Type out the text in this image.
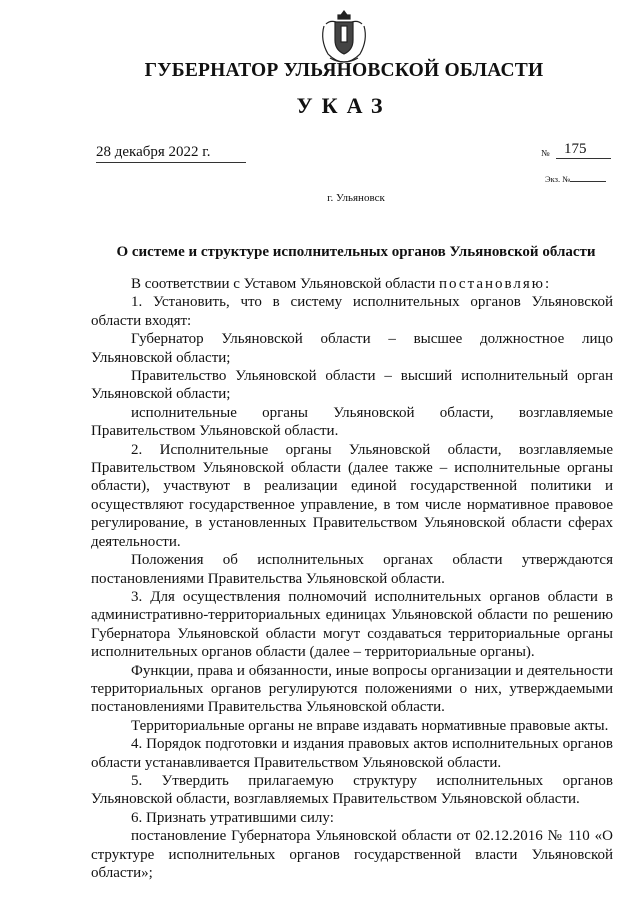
ГУБЕРНАТОР УЛЬЯНОВСКОЙ ОБЛАСТИ
УКАЗ
28 декабря 2022 г.	№ 175
Экз. №
г. Ульяновск
О системе и структуре исполнительных органов Ульяновской области

В соответствии с Уставом Ульяновской области постановляю:

1. Установить, что в систему исполнительных органов Ульяновской области входят:

Губернатор Ульяновской области – высшее должностное лицо Ульяновской области;

Правительство Ульяновской области – высший исполнительный орган Ульяновской области;

исполнительные органы Ульяновской области, возглавляемые Правительством Ульяновской области.

2. Исполнительные органы Ульяновской области, возглавляемые Правительством Ульяновской области (далее также – исполнительные органы области), участвуют в реализации единой государственной политики и осуществляют государственное управление, в том числе нормативное правовое регулирование, в установленных Правительством Ульяновской области сферах деятельности.

Положения об исполнительных органах области утверждаются постановлениями Правительства Ульяновской области.

3. Для осуществления полномочий исполнительных органов области в административно-территориальных единицах Ульяновской области по решению Губернатора Ульяновской области могут создаваться территориальные органы исполнительных органов области (далее – территориальные органы).

Функции, права и обязанности, иные вопросы организации и деятельности территориальных органов регулируются положениями о них, утверждаемыми постановлениями Правительства Ульяновской области.

Территориальные органы не вправе издавать нормативные правовые акты.

4. Порядок подготовки и издания правовых актов исполнительных органов области устанавливается Правительством Ульяновской области.

5. Утвердить прилагаемую структуру исполнительных органов Ульяновской области, возглавляемых Правительством Ульяновской области.

6. Признать утратившими силу:

постановление Губернатора Ульяновской области от 02.12.2016 № 110 «О структуре исполнительных органов государственной власти Ульяновской области»;
